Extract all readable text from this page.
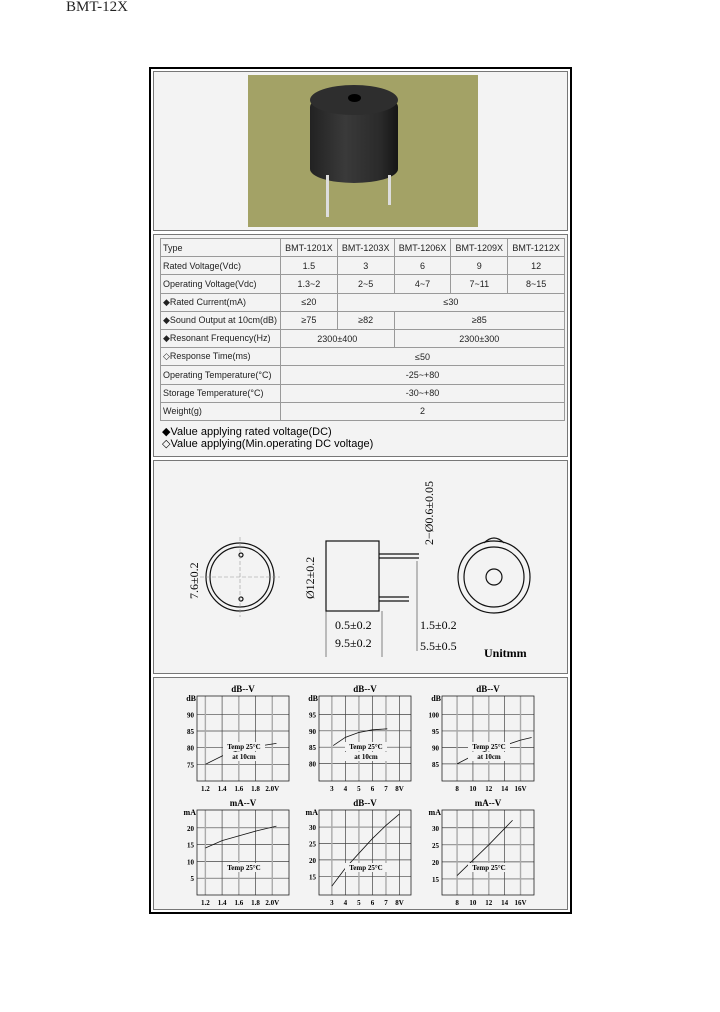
BMT-12X
Type	BMT-1201X	BMT-1203X	BMT-1206X	BMT-1209X	BMT-1212X
Rated Voltage(Vdc)	1.5	3	6	9	12
Operating Voltage(Vdc)	1.3~2	2~5	4~7	7~11	8~15
◆Rated Current(mA)	≤20	≤30			
◆Sound Output at 10cm(dB)	≥75	≥82	≥85		
◆Resonant Frequency(Hz)	2300±400		2300±300		
◇Response Time(ms)	≤50				
Operating Temperature(°C)	-25~+80				
Storage Temperature(°C)	-30~+80				
Weight(g)	2				
◆Value applying rated voltage(DC)
◇Value applying(Min.operating DC voltage)
7.6±0.2	Ø12±0.2
2−Ø0.6±0.05
0.5±0.2
9.5±0.2
1.5±0.2
5.5±0.5 Unitmm
dB--V
dB
75
80
85
90
1.2 1.4 1.6 1.8 2.0V
Temp 25°C
at 10cm
dB--V
dB
80
85
90
95
3 4 5 6 7 8V
Temp 25°C
at 10cm
dB--V
dB
85
90
95
100
8 10 12 14 16V
Temp 25°C
at 10cm
mA--V
mA
5
10
15
20
1.2 1.4 1.6 1.8 2.0V
Temp 25°C
dB--V
mA
15
20
25
30
3 4 5 6 7 8V
Temp 25°C
mA--V
mA
15
20
25
30
8 10 12 14 16V
Temp 25°C
